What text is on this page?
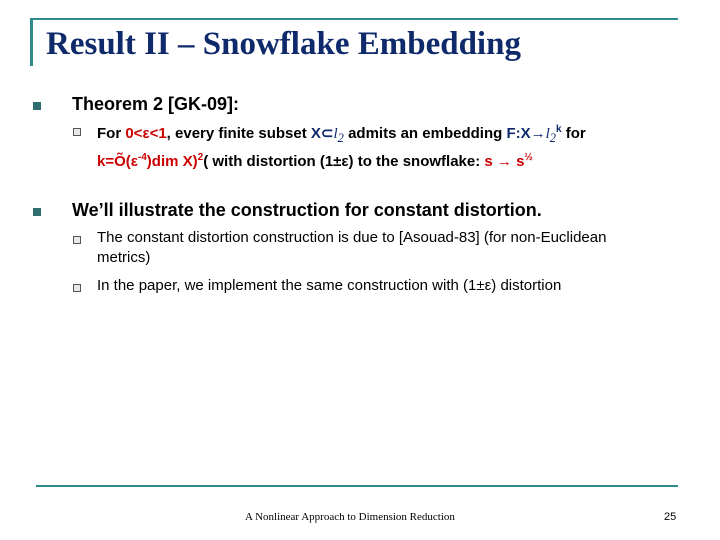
Result II – Snowflake Embedding
Theorem 2 [GK-09]:
For 0<ε<1, every finite subset $X\subset l_2$ admits an embedding $F:X\to l_2^k$ for
$k=Õ(\varepsilon^{-4})dim$ X)$^2$( with distortion (1±ε) to the snowflake: $s \to s^{\frac{1}{2}}$
We’ll illustrate the construction for constant distortion.
The constant distortion construction is due to [Asouad-83] (for non-Euclidean metrics)
In the paper, we implement the same construction with (1±ε) distortion
A Nonlinear Approach to Dimension Reduction	25
